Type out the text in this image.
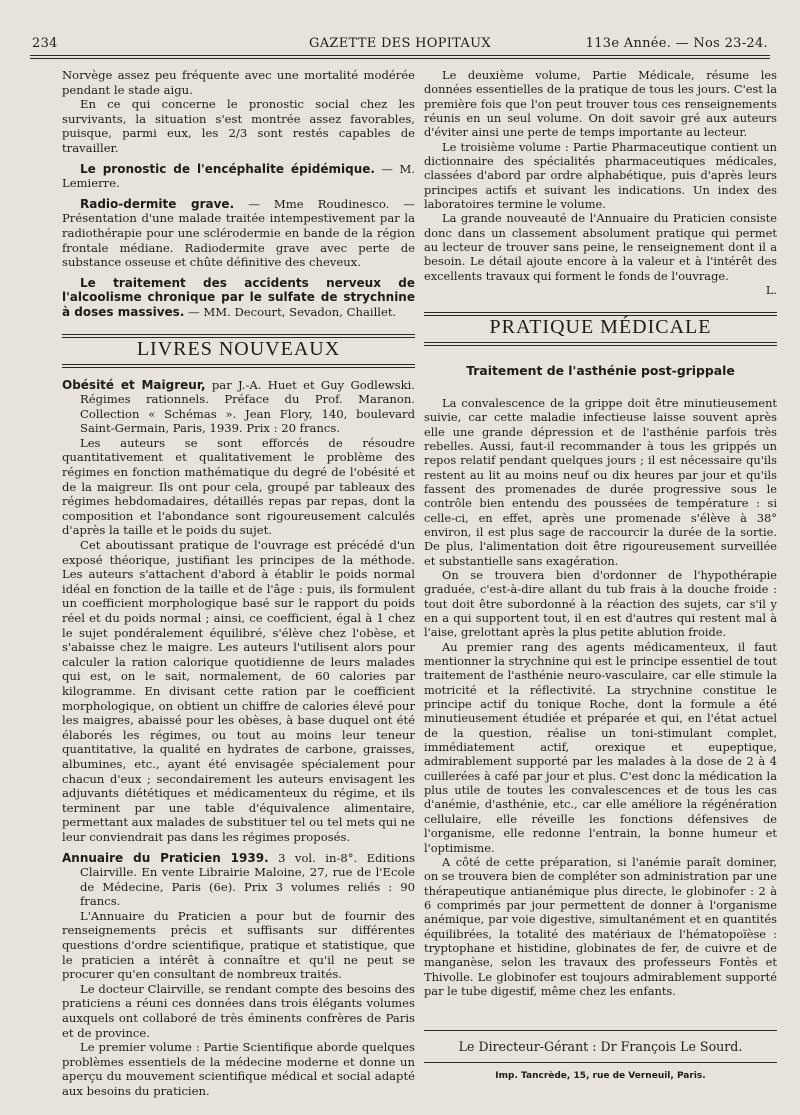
234	GAZETTE DES HOPITAUX	113e Année. — Nos 23-24.

Norvège assez peu fréquente avec une mortalité modérée pendant le stade aigu.

En ce qui concerne le pronostic social chez les survivants, la situation s'est montrée assez favorables, puisque, parmi eux, les 2/3 sont restés capables de travailler.

Le pronostic de l'encéphalite épidémique. — M. Lemierre.

Radio-dermite grave. — Mme Roudinesco. — Présentation d'une malade traitée intempestivement par la radiothérapie pour une sclérodermie en bande de la région frontale médiane. Radiodermite grave avec perte de substance osseuse et chûte définitive des cheveux.

Le traitement des accidents nerveux de l'alcoolisme chronique par le sulfate de strychnine à doses massives. — MM. Decourt, Sevadon, Chaillet.

LIVRES NOUVEAUX

Obésité et Maigreur, par J.-A. Huet et Guy Godlewski. Régimes rationnels. Préface du Prof. Maranon. Collection « Schémas ». Jean Flory, 140, boulevard Saint-Germain, Paris, 1939. Prix : 20 francs.

Les auteurs se sont efforcés de résoudre quantitativement et qualitativement le problème des régimes en fonction mathématique du degré de l'obésité et de la maigreur. Ils ont pour cela, groupé par tableaux des régimes hebdomadaires, détaillés repas par repas, dont la composition et l'abondance sont rigoureusement calculés d'après la taille et le poids du sujet.

Cet aboutissant pratique de l'ouvrage est précédé d'un exposé théorique, justifiant les principes de la méthode. Les auteurs s'attachent d'abord à établir le poids normal idéal en fonction de la taille et de l'âge : puis, ils formulent un coefficient morphologique basé sur le rapport du poids réel et du poids normal ; ainsi, ce coefficient, égal à 1 chez le sujet pondéralement équilibré, s'élève chez l'obèse, et s'abaisse chez le maigre. Les auteurs l'utilisent alors pour calculer la ration calorique quotidienne de leurs malades qui est, on le sait, normalement, de 60 calories par kilogramme. En divisant cette ration par le coefficient morphologique, on obtient un chiffre de calories élevé pour les maigres, abaissé pour les obèses, à base duquel ont été élaborés les régimes, ou tout au moins leur teneur quantitative, la qualité en hydrates de carbone, graisses, albumines, etc., ayant été envisagée spécialement pour chacun d'eux ; secondairement les auteurs envisagent les adjuvants diététiques et médicamenteux du régime, et ils terminent par une table d'équivalence alimentaire, permettant aux malades de substituer tel ou tel mets qui ne leur conviendrait pas dans les régimes proposés.

Annuaire du Praticien 1939. 3 vol. in-8°. Editions Clairville. En vente Librairie Maloine, 27, rue de l'Ecole de Médecine, Paris (6e). Prix 3 volumes reliés : 90 francs.

L'Annuaire du Praticien a pour but de fournir des renseignements précis et suffisants sur différentes questions d'ordre scientifique, pratique et statistique, que le praticien a intérêt à connaître et qu'il ne peut se procurer qu'en consultant de nombreux traités.

Le docteur Clairville, se rendant compte des besoins des praticiens a réuni ces données dans trois élégants volumes auxquels ont collaboré de très éminents confrères de Paris et de province.

Le premier volume : Partie Scientifique aborde quelques problèmes essentiels de la médecine moderne et donne un aperçu du mouvement scientifique médical et social adapté aux besoins du praticien.

Le deuxième volume, Partie Médicale, résume les données essentielles de la pratique de tous les jours. C'est la première fois que l'on peut trouver tous ces renseignements réunis en un seul volume. On doit savoir gré aux auteurs d'éviter ainsi une perte de temps importante au lecteur.

Le troisième volume : Partie Pharmaceutique contient un dictionnaire des spécialités pharmaceutiques médicales, classées d'abord par ordre alphabétique, puis d'après leurs principes actifs et suivant les indications. Un index des laboratoires termine le volume.

La grande nouveauté de l'Annuaire du Praticien consiste donc dans un classement absolument pratique qui permet au lecteur de trouver sans peine, le renseignement dont il a besoin. Le détail ajoute encore à la valeur et à l'intérêt des excellents travaux qui forment le fonds de l'ouvrage.

L.

PRATIQUE MÉDICALE
Traitement de l'asthénie post-grippale

La convalescence de la grippe doit être minutieusement suivie, car cette maladie infectieuse laisse souvent après elle une grande dépression et de l'asthénie parfois très rebelles. Aussi, faut-il recommander à tous les grippés un repos relatif pendant quelques jours ; il est nécessaire qu'ils restent au lit au moins neuf ou dix heures par jour et qu'ils fassent des promenades de durée progressive sous le contrôle bien entendu des poussées de température : si celle-ci, en effet, après une promenade s'élève à 38° environ, il est plus sage de raccourcir la durée de la sortie. De plus, l'alimentation doit être rigoureusement surveillée et substantielle sans exagération.

On se trouvera bien d'ordonner de l'hypothérapie graduée, c'est-à-dire allant du tub frais à la douche froide : tout doit être subordonné à la réaction des sujets, car s'il y en a qui supportent tout, il en est d'autres qui restent mal à l'aise, grelottant après la plus petite ablution froide.

Au premier rang des agents médicamenteux, il faut mentionner la strychnine qui est le principe essentiel de tout traitement de l'asthénie neuro-vasculaire, car elle stimule la motricité et la réflectivité. La strychnine constitue le principe actif du tonique Roche, dont la formule a été minutieusement étudiée et préparée et qui, en l'état actuel de la question, réalise un toni-stimulant complet, immédiatement actif, orexique et eupeptique, admirablement supporté par les malades à la dose de 2 à 4 cuillerées à café par jour et plus. C'est donc la médication la plus utile de toutes les convalescences et de tous les cas d'anémie, d'asthénie, etc., car elle améliore la régénération cellulaire, elle réveille les fonctions défensives de l'organisme, elle redonne l'entrain, la bonne humeur et l'optimisme.

A côté de cette préparation, si l'anémie paraît dominer, on se trouvera bien de compléter son administration par une thérapeutique antianémique plus directe, le globinofer : 2 à 6 comprimés par jour permettent de donner à l'organisme anémique, par voie digestive, simultanément et en quantités équilibrées, la totalité des matériaux de l'hématopoïèse : tryptophane et histidine, globinates de fer, de cuivre et de manganèse, selon les travaux des professeurs Fontès et Thivolle. Le globinofer est toujours admirablement supporté par le tube digestif, même chez les enfants.

Le Directeur-Gérant : Dr François Le Sourd.
Imp. Tancrède, 15, rue de Verneuil, Paris.
